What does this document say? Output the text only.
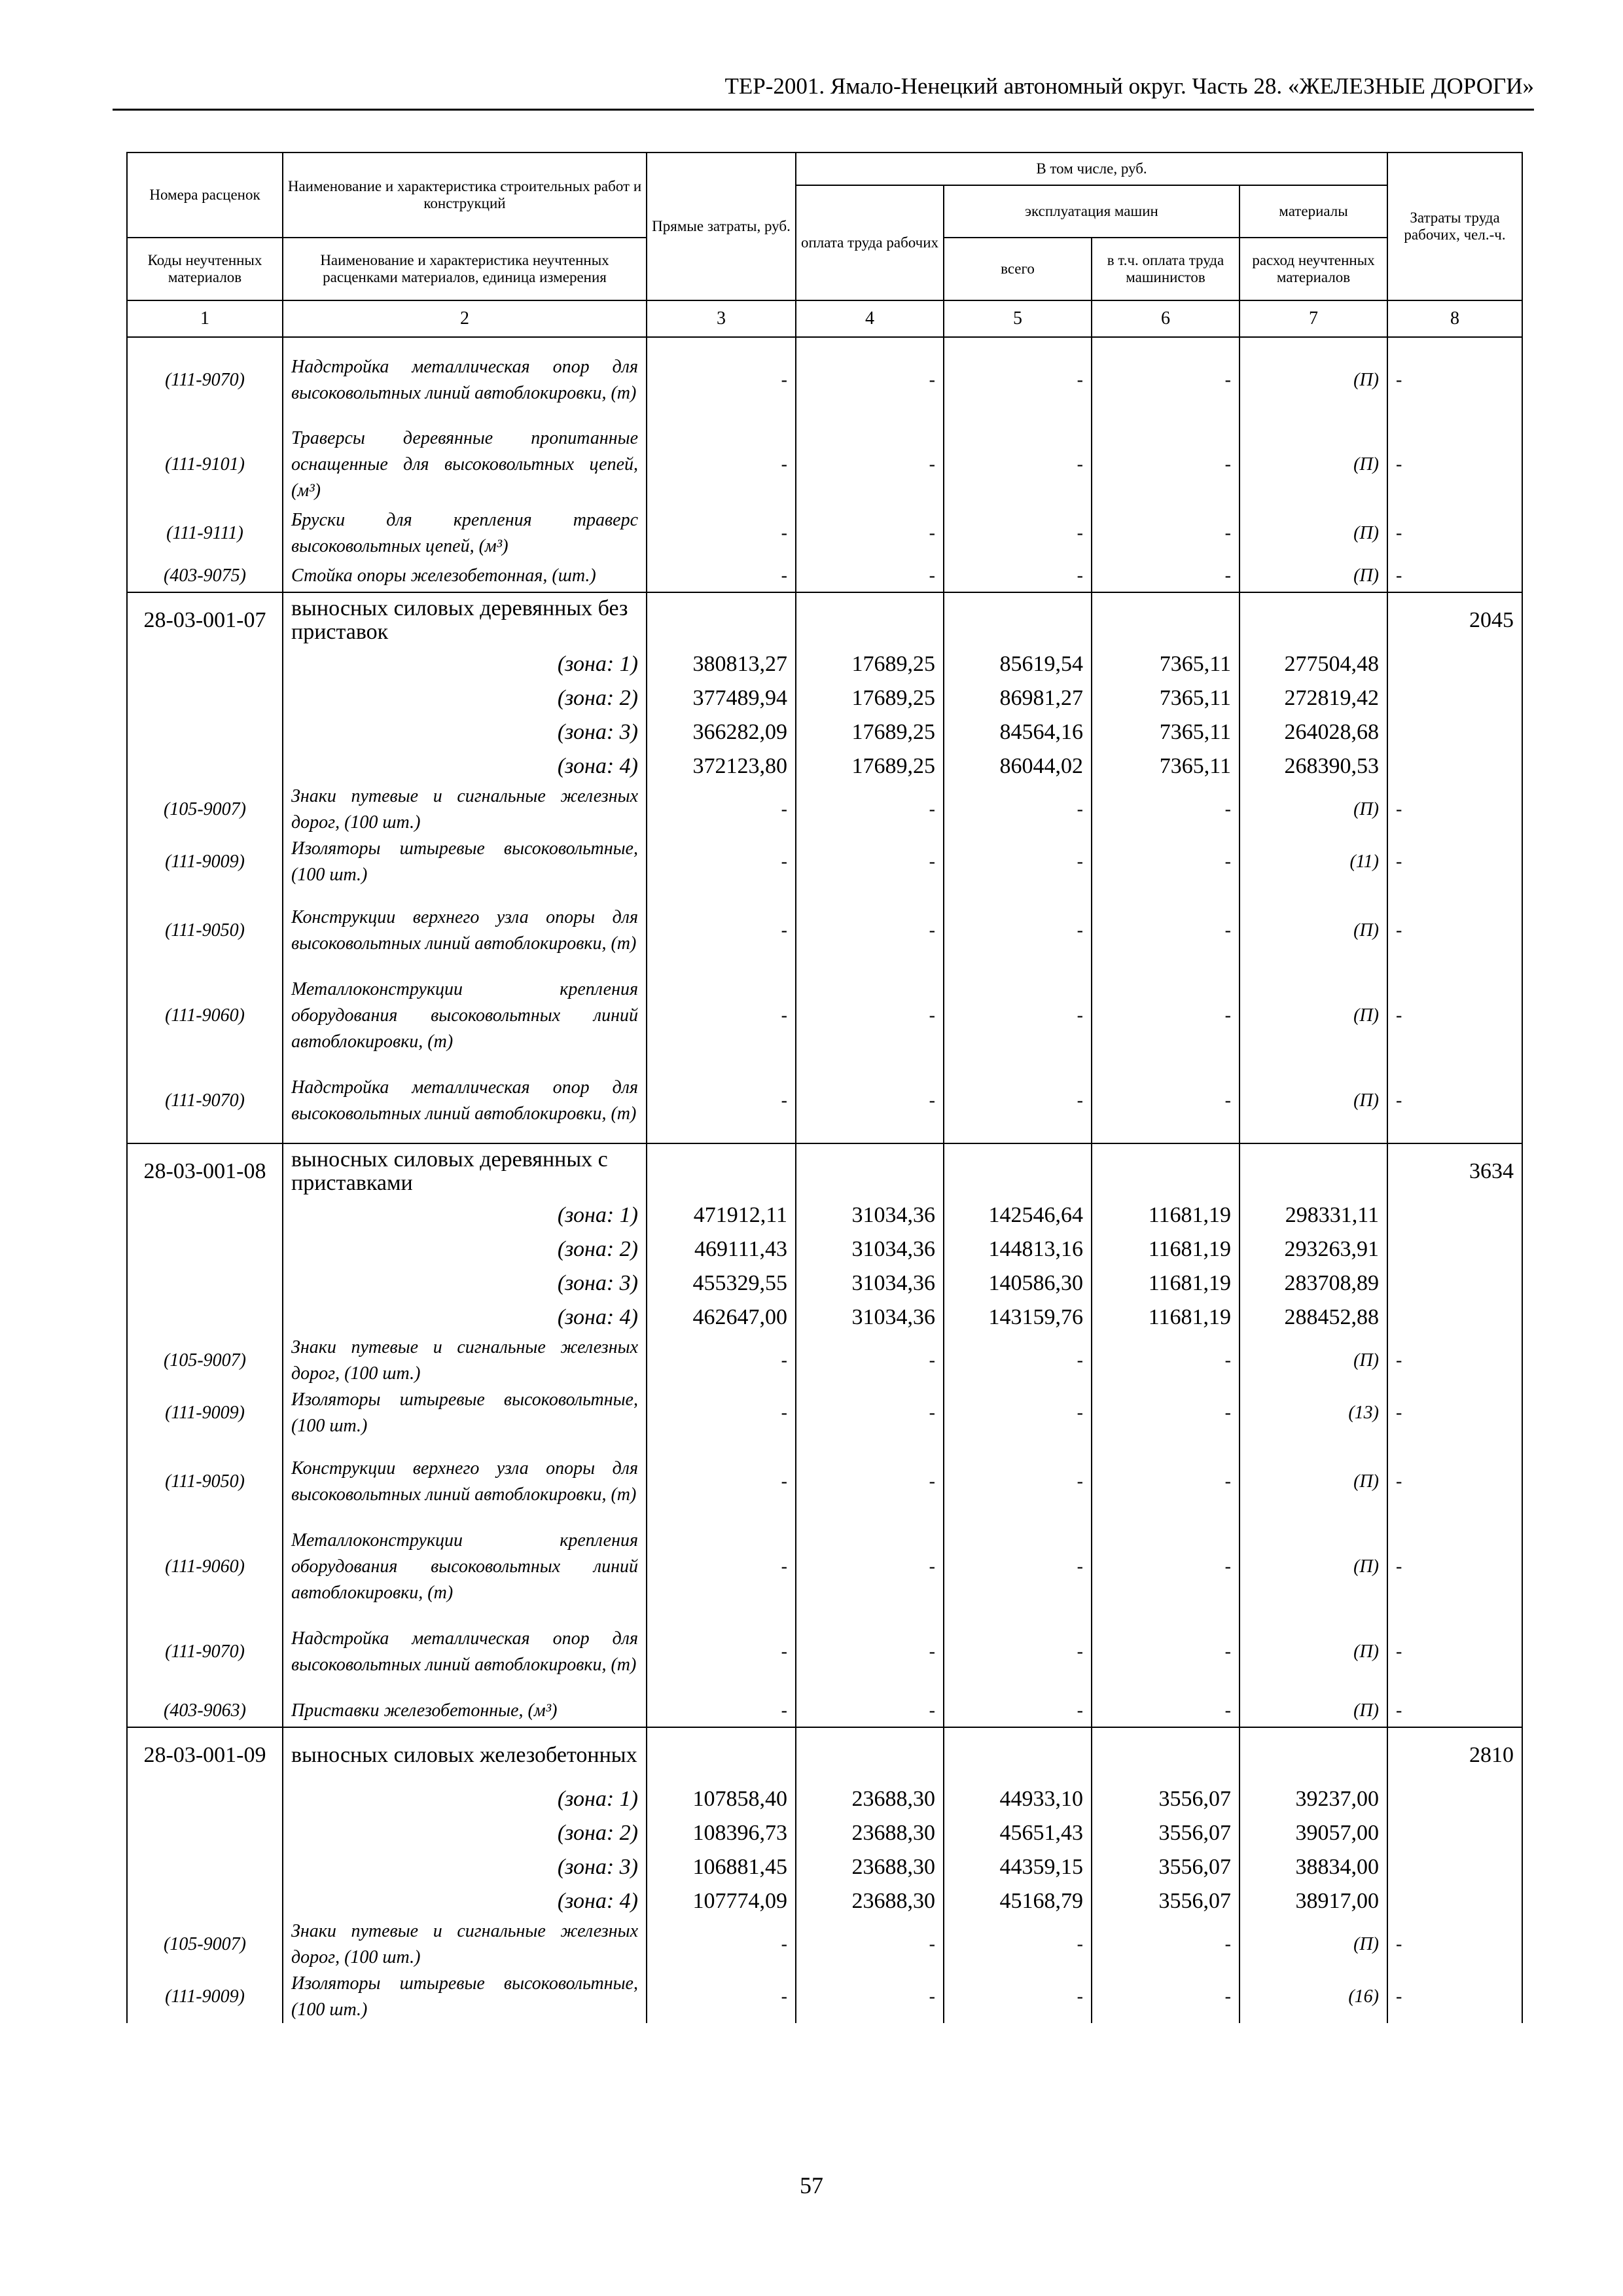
ТЕР-2001. Ямало-Ненецкий автономный округ. Часть 28. «ЖЕЛЕЗНЫЕ ДОРОГИ»
Номера расценок	Наименование и характеристика строительных работ и конструкций	Прямые затраты, руб.	В том числе, руб.				Затраты труда рабочих, чел.-ч.
			оплата труда рабочих	эксплуатация машин		материалы	
Коды неучтенных материалов	Наименование и характеристика неучтенных расценками материалов, единица измерения			всего	в т.ч. оплата труда машинистов	расход неучтенных материалов	
1	2	3	4	5	6	7	8
(111-9070)	Надстройка металлическая опор для высоковольтных линий автоблокировки, (т)	-	-	-	-	(П)	-
(111-9101)	Траверсы деревянные пропитанные оснащенные для высоковольтных цепей, (м³)	-	-	-	-	(П)	-
(111-9111)	Бруски для крепления траверс высоковольтных цепей, (м³)	-	-	-	-	(П)	-
(403-9075)	Стойка опоры железобетонная, (шт.)	-	-	-	-	(П)	-
28-03-001-07	выносных силовых деревянных без приставок						2045
	(зона: 1)	380813,27	17689,25	85619,54	7365,11	277504,48	
	(зона: 2)	377489,94	17689,25	86981,27	7365,11	272819,42	
	(зона: 3)	366282,09	17689,25	84564,16	7365,11	264028,68	
	(зона: 4)	372123,80	17689,25	86044,02	7365,11	268390,53	
(105-9007)	Знаки путевые и сигнальные железных дорог, (100 шт.)	-	-	-	-	(П)	-
(111-9009)	Изоляторы штыревые высоковольтные, (100 шт.)	-	-	-	-	(11)	-
(111-9050)	Конструкции верхнего узла опоры для высоковольтных линий автоблокировки, (т)	-	-	-	-	(П)	-
(111-9060)	Металлоконструкции крепления оборудования высоковольтных линий автоблокировки, (т)	-	-	-	-	(П)	-
(111-9070)	Надстройка металлическая опор для высоковольтных линий автоблокировки, (т)	-	-	-	-	(П)	-
28-03-001-08	выносных силовых деревянных с приставками						3634
	(зона: 1)	471912,11	31034,36	142546,64	11681,19	298331,11	
	(зона: 2)	469111,43	31034,36	144813,16	11681,19	293263,91	
	(зона: 3)	455329,55	31034,36	140586,30	11681,19	283708,89	
	(зона: 4)	462647,00	31034,36	143159,76	11681,19	288452,88	
(105-9007)	Знаки путевые и сигнальные железных дорог, (100 шт.)	-	-	-	-	(П)	-
(111-9009)	Изоляторы штыревые высоковольтные, (100 шт.)	-	-	-	-	(13)	-
(111-9050)	Конструкции верхнего узла опоры для высоковольтных линий автоблокировки, (т)	-	-	-	-	(П)	-
(111-9060)	Металлоконструкции крепления оборудования высоковольтных линий автоблокировки, (т)	-	-	-	-	(П)	-
(111-9070)	Надстройка металлическая опор для высоковольтных линий автоблокировки, (т)	-	-	-	-	(П)	-
(403-9063)	Приставки железобетонные, (м³)	-	-	-	-	(П)	-
28-03-001-09	выносных силовых железобетонных						2810
	(зона: 1)	107858,40	23688,30	44933,10	3556,07	39237,00	
	(зона: 2)	108396,73	23688,30	45651,43	3556,07	39057,00	
	(зона: 3)	106881,45	23688,30	44359,15	3556,07	38834,00	
	(зона: 4)	107774,09	23688,30	45168,79	3556,07	38917,00	
(105-9007)	Знаки путевые и сигнальные железных дорог, (100 шт.)	-	-	-	-	(П)	-
(111-9009)	Изоляторы штыревые высоковольтные, (100 шт.)	-	-	-	-	(16)	-
57
